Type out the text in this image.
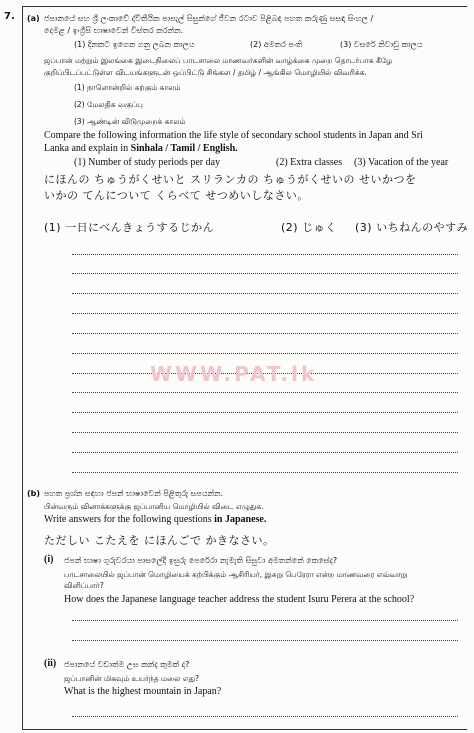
7. (a) ජපානයේ සහ ශ්‍රී ලංකාවේ ද්විතීයික පාසැල් සිසුන්ගේ ජීවන රටාව පිළිබඳ පහත කරුණු සසඳා සිංහල /
දෙමළ / ඉංග්‍රීසි භාෂාවෙන් විස්තර කරන්න.
(1) දිනකට ඉගෙන ගනු ලබන කාලය	(2) අමතර පංති	(3) වසරේ නිවාඩු කාලය
ஜப்பான் மற்றும் இலங்கை இடைநிலைப் பாடசாலை மாணவர்களின் வாழ்க்கை முறை தொடர்பாக கீழே
குறிப்பிடப்பட்டுள்ள விடயங்களுடன் ஒப்பிட்டு சிங்கள / தமிழ் / ஆங்கில மொழியில் விவரிக்க.
(1) நாளொன்றில் கற்கும் காலம்
(2) மேலதிக வகுப்பு
(3) ஆண்டின் விடுமுறைக் காலம்
Compare the following information the life style of secondary school students in Japan and Sri
Lanka and explain in Sinhala / Tamil / English.
(1) Number of study periods per day	(2) Extra classes (3) Vacation of the year
にほんの ちゅうがくせいと スリランカの ちゅうがくせいの せいかつを
いかの てんについて くらべて せつめいしなさい。
(1) 一日にべんきょうするじかん	(2) じゅく (3) いちねんのやすみ
WWW.PAT.lk
(b) පහත ප්‍රශ්න සඳහා ජපන් භාෂාවෙන් පිළිතුරු සපයන්න.
பின்வரும் வினாக்களுக்கு ஜப்பானிய மொழியில் விடை எழுதுக.
Write answers for the following questions in Japanese.
ただしい こたえを にほんごで かきなさい。
(i) ජපන් භාෂා ගුරුවරයා පාසලේදී ඉසුරු පෙරේරා නැමැති සිසුවා අමතන්නේ කෙසේද?
பாடசாலையில் ஜப்பான் மொழியைக் கற்பிக்கும் ஆசிரியர், இசுறு பெரேரா என்ற மாணவரை எவ்வாறு
விளிப்பார்?
How does the Japanese language teacher address the student Isuru Perera at the school?
(ii) ජපානයේ වඩාත්ම උස කන්ද කුමක් ද?
ஜப்பானின் மிகவும் உயர்ந்த மலை எது?
What is the highest mountain in Japan?
